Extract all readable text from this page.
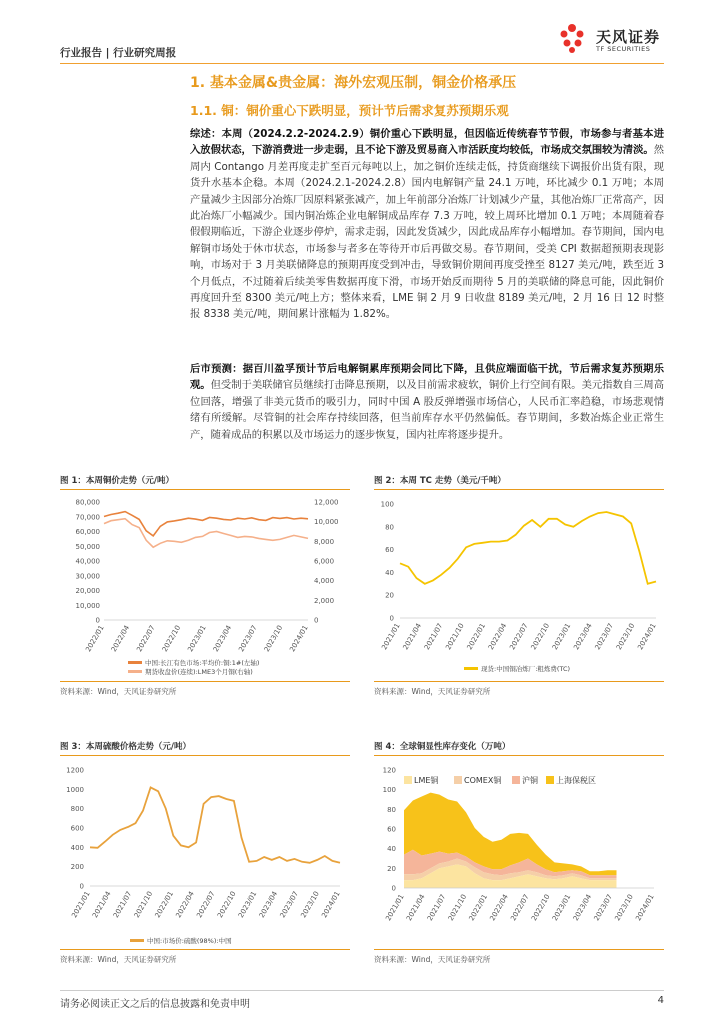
行业报告 | 行业研究周报
天风证券
TF SECURITIES
1. 基本金属&贵金属：海外宏观压制，铜金价格承压
1.1. 铜：铜价重心下跌明显，预计节后需求复苏预期乐观
综述：本周（2024.2.2-2024.2.9）铜价重心下跌明显，但因临近传统春节节假，市场参与者基本进入放假状态，下游消费进一步走弱，且不论下游及贸易商入市活跃度均较低，市场成交氛围较为清淡。然周内 Contango 月差再度走扩至百元每吨以上，加之铜价连续走低，持货商继续下调报价出货有限，现货升水基本企稳。本周（2024.2.1-2024.2.8）国内电解铜产量 24.1 万吨，环比减少 0.1 万吨；本周产量减少主因部分冶炼厂因原料紧张减产，加上年前部分冶炼厂计划减少产量，其他冶炼厂正常高产，因此冶炼厂小幅减少。国内铜冶炼企业电解铜成品库存 7.3 万吨，较上周环比增加 0.1 万吨；本周随着春假假期临近，下游企业逐步停炉，需求走弱，因此发货减少，因此成品库存小幅增加。春节期间，国内电解铜市场处于休市状态，市场参与者多在等待开市后再做交易。春节期间，受美 CPI 数据超预期表现影响，市场对于 3 月美联储降息的预期再度受到冲击，导致铜价期间再度受挫至 8127 美元/吨，跌至近 3 个月低点，不过随着后续美零售数据再度下滑，市场开始反而期待 5 月的美联储的降息可能，因此铜价再度回升至 8300 美元/吨上方；整体来看，LME 铜 2 月 9 日收盘 8189 美元/吨，2 月 16 日 12 时整报 8338 美元/吨，期间累计涨幅为 1.82%。
后市预测：据百川盈孚预计节后电解铜累库预期会同比下降，且供应端面临干扰，节后需求复苏预期乐观。但受制于美联储官员继续打击降息预期，以及目前需求疲软，铜价上行空间有限。美元指数自三周高位回落，增强了非美元货币的吸引力，同时中国 A 股反弹增强市场信心，人民币汇率趋稳，市场悲观情绪有所缓解。尽管铜的社会库存持续回落，但当前库存水平仍然偏低。春节期间，多数冶炼企业正常生产，随着成品的积累以及市场运力的逐步恢复，国内社库将逐步提升。
图 1：本周铜价走势（元/吨）
0
10,000
20,000
30,000
40,000
50,000
60,000
70,000
80,000
0
2,000
4,000
6,000
8,000
10,000
12,000
2022/01 2022/04 2022/07 2022/10 2023/01 2023/04 2023/07 2023/10 2024/01
中国:长江有色市场:平均价:铜:1#(左轴)
期货收盘价(连续):LME3个月铜(右轴)
资料来源：Wind，天风证券研究所
图 2：本周 TC 走势（美元/千吨）
0
20
40
60
80
100
2021/01 2021/04 2021/07 2021/10 2022/01 2022/04 2022/07 2022/10 2023/01 2023/04 2023/07 2023/10 2024/01
现货:中国铜冶炼厂:粗炼费(TC)
资料来源：Wind，天风证券研究所
图 3：本周硫酸价格走势（元/吨）
0
200
400
600
800
1000
1200
2021/01 2021/04 2021/07 2021/10 2022/01 2022/04 2022/07 2022/10 2023/01 2023/04 2023/07 2023/10 2024/01
中国:市场价:硫酸(98%):中国
资料来源：Wind，天风证券研究所
图 4：全球铜显性库存变化（万吨）
0
20
40
60
80
100
120
LME铜	COMEX铜	沪铜 上海保税区
2021/01 2021/04 2021/07 2021/10 2022/01 2022/04 2022/07 2022/10 2023/01 2023/04 2023/07 2023/10 2024/01
资料来源：Wind，天风证券研究所
请务必阅读正文之后的信息披露和免责申明	4
